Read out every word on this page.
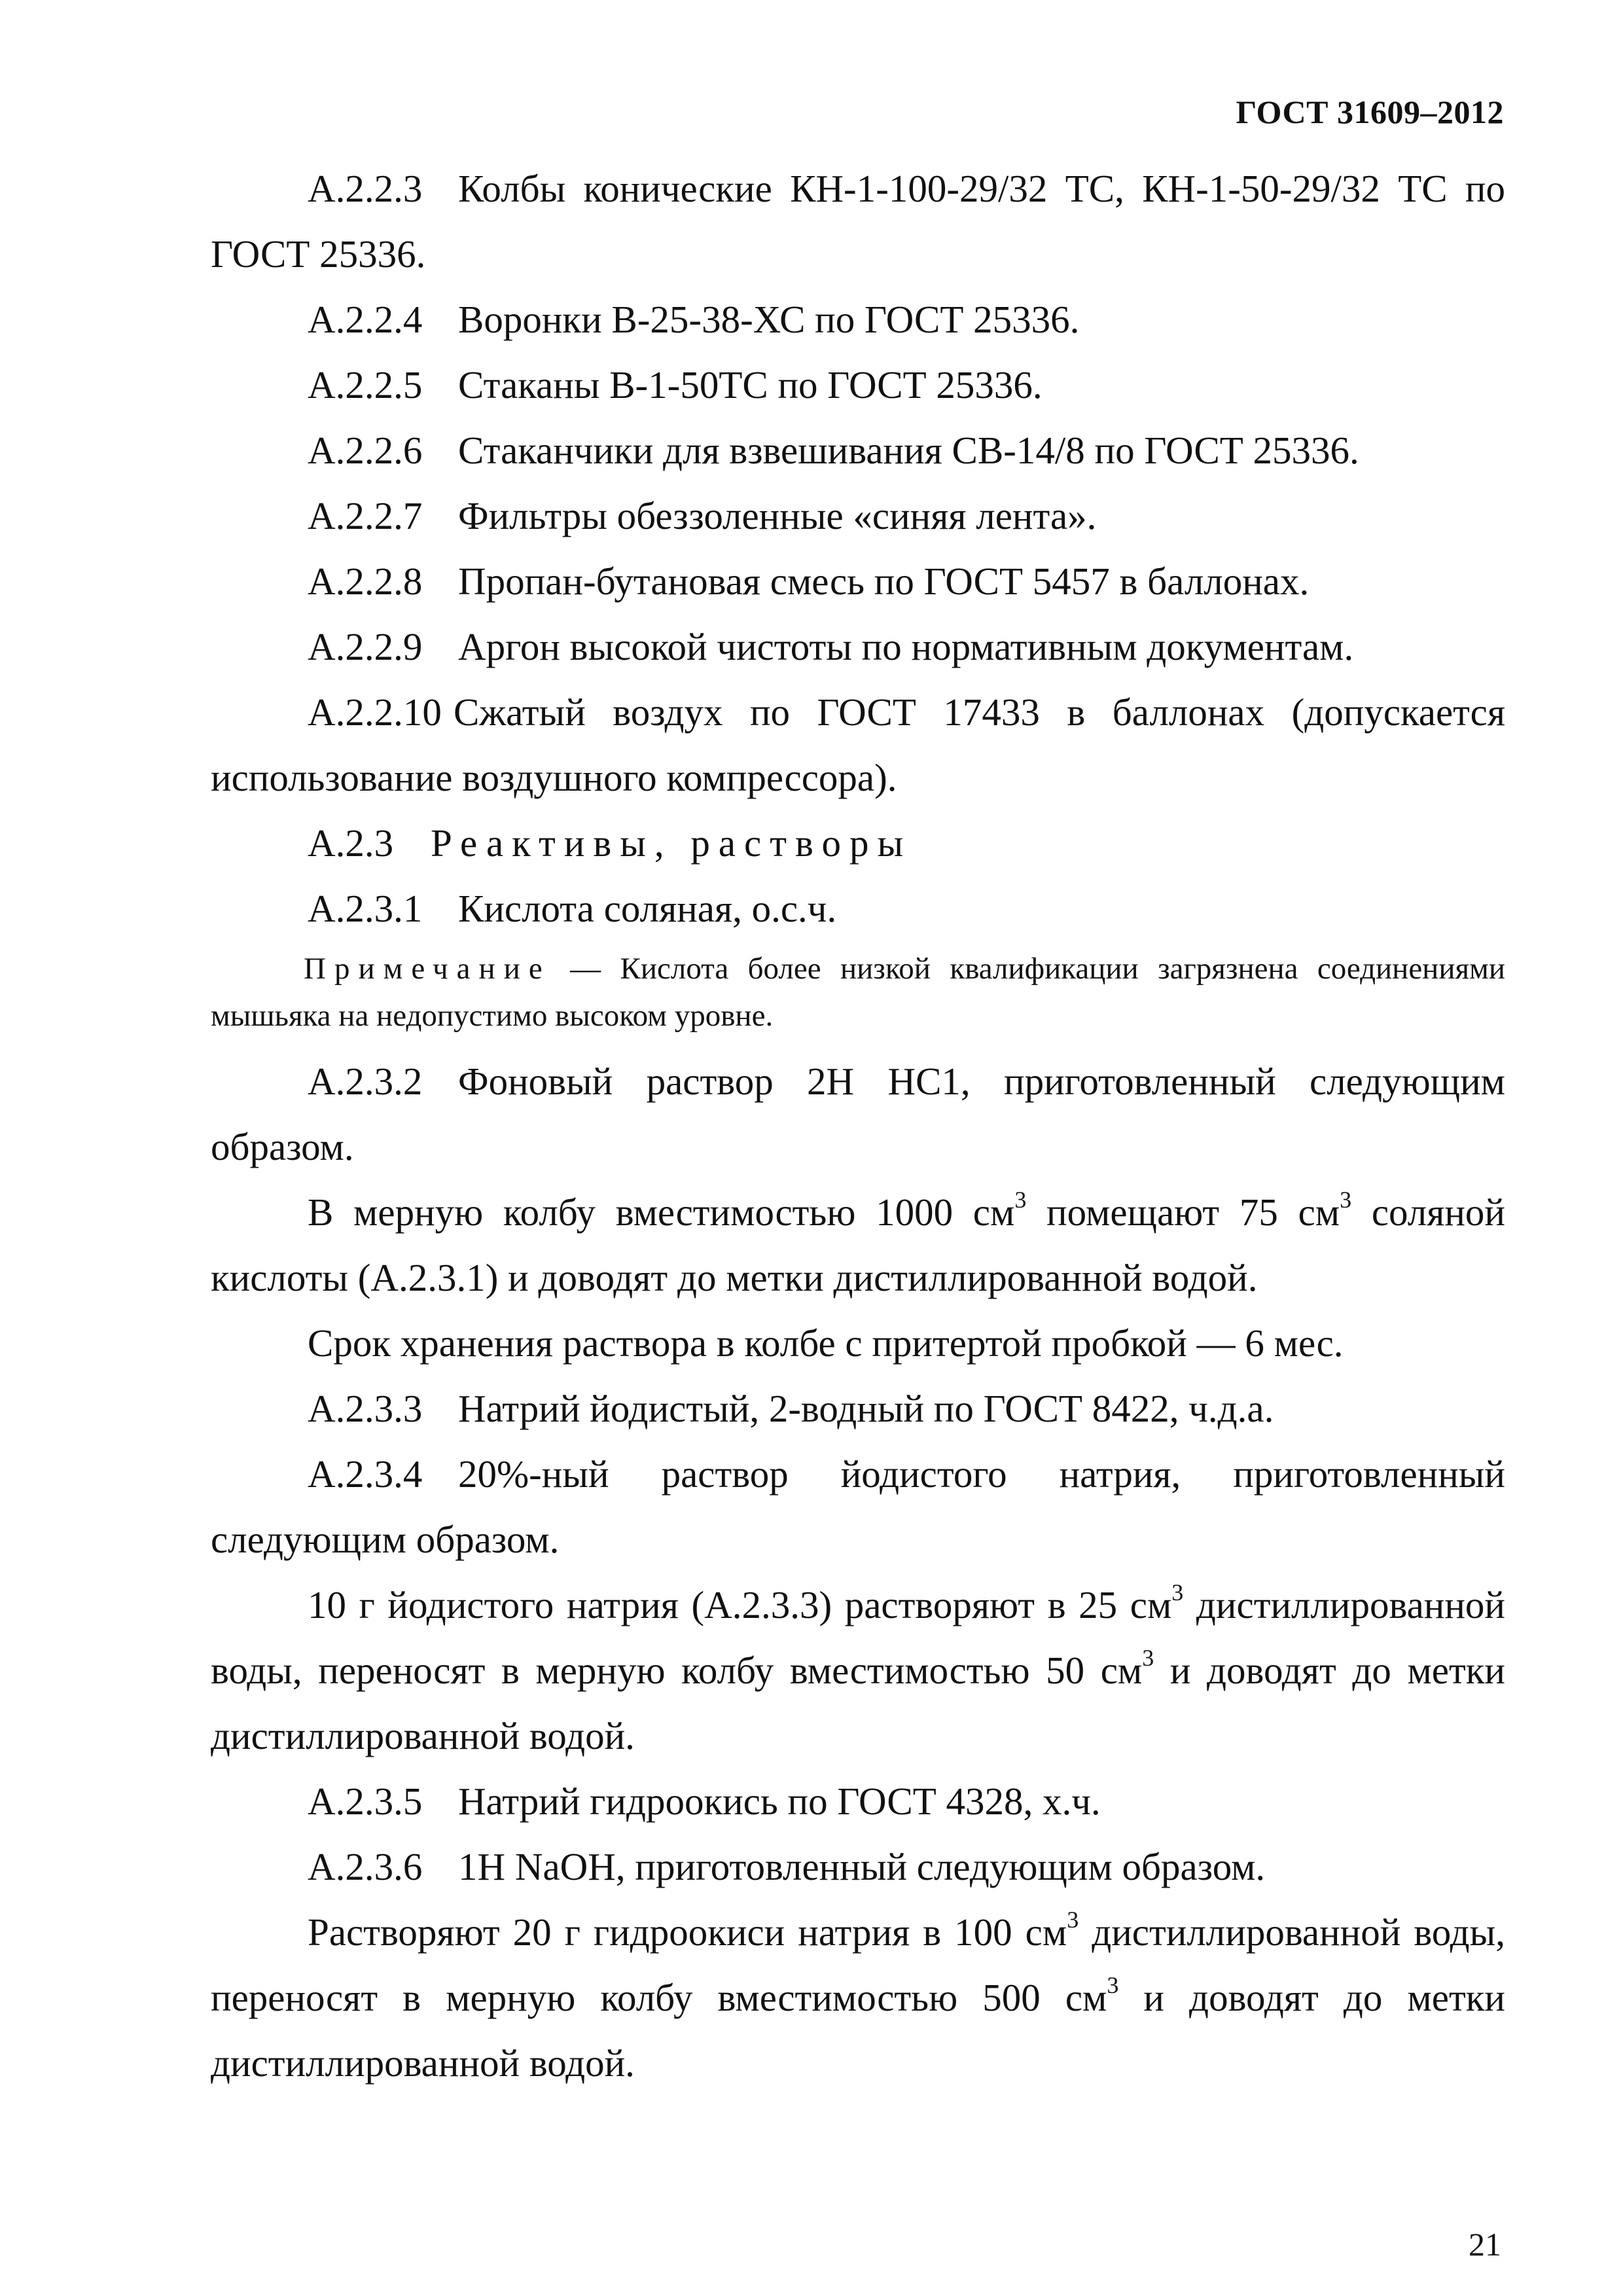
ГОСТ 31609–2012
А.2.2.3 Колбы конические КН-1-100-29/32 ТС, КН-1-50-29/32 ТС по
ГОСТ 25336.
А.2.2.4 Воронки В-25-38-ХС по ГОСТ 25336.
А.2.2.5 Стаканы В-1-50ТС по ГОСТ 25336.
А.2.2.6 Стаканчики для взвешивания СВ-14/8 по ГОСТ 25336.
А.2.2.7 Фильтры обеззоленные «синяя лента».
А.2.2.8 Пропан-бутановая смесь по ГОСТ 5457 в баллонах.
А.2.2.9 Аргон высокой чистоты по нормативным документам.
А.2.2.10 Сжатый воздух по ГОСТ 17433 в баллонах (допускается
использование воздушного компрессора).
А.2.3 Реактивы, растворы
А.2.3.1 Кислота соляная, о.с.ч.
Примечание — Кислота более низкой квалификации загрязнена соединениями
мышьяка на недопустимо высоком уровне.
А.2.3.2 Фоновый раствор 2Н НС1, приготовленный следующим
образом.
В мерную колбу вместимостью 1000 $см^3$ помещают 75 $см^3$ соляной
кислоты (А.2.3.1) и доводят до метки дистиллированной водой.
Срок хранения раствора в колбе с притертой пробкой — 6 мес.
А.2.3.3 Натрий йодистый, 2-водный по ГОСТ 8422, ч.д.а.
А.2.3.4 20%-ный раствор йодистого натрия, приготовленный
следующим образом.
10 г йодистого натрия (А.2.3.3) растворяют в 25 $см^3$ дистиллированной
воды, переносят в мерную колбу вместимостью 50 $см^3$ и доводят до метки
дистиллированной водой.
А.2.3.5 Натрий гидроокись по ГОСТ 4328, х.ч.
А.2.3.6 1Н NaOH, приготовленный следующим образом.
Растворяют 20 г гидроокиси натрия в 100 $см^3$ дистиллированной воды,
переносят в мерную колбу вместимостью 500 $см^3$ и доводят до метки
дистиллированной водой.
21
